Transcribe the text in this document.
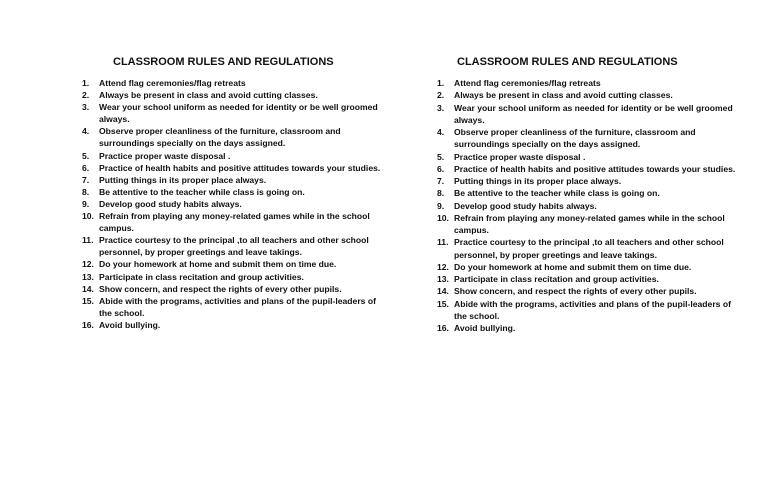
CLASSROOM RULES AND REGULATIONS
1. Attend flag ceremonies/flag retreats
2. Always be present in class and avoid cutting classes.
3. Wear your school uniform as needed for identity or be well groomed always.
4. Observe proper cleanliness of the furniture, classroom and surroundings specially on the days assigned.
5. Practice proper waste disposal .
6. Practice of health habits and positive attitudes towards your studies.
7. Putting things in its proper place always.
8. Be attentive to the teacher while class is going on.
9. Develop good study habits always.
10. Refrain from playing any money-related games while in the school campus.
11. Practice courtesy to the principal ,to all teachers and other school personnel, by proper greetings and leave takings.
12. Do your homework at home and submit them on time due.
13. Participate in class recitation and group activities.
14. Show concern, and respect the rights of every other pupils.
15. Abide with the programs, activities and plans of the pupil-leaders of the school.
16. Avoid bullying.
CLASSROOM RULES AND REGULATIONS
1. Attend flag ceremonies/flag retreats
2. Always be present in class and avoid cutting classes.
3. Wear your school uniform as needed for identity or be well groomed always.
4. Observe proper cleanliness of the furniture, classroom and surroundings specially on the days assigned.
5. Practice proper waste disposal .
6. Practice of health habits and positive attitudes towards your studies.
7. Putting things in its proper place always.
8. Be attentive to the teacher while class is going on.
9. Develop good study habits always.
10. Refrain from playing any money-related games while in the school campus.
11. Practice courtesy to the principal ,to all teachers and other school personnel, by proper greetings and leave takings.
12. Do your homework at home and submit them on time due.
13. Participate in class recitation and group activities.
14. Show concern, and respect the rights of every other pupils.
15. Abide with the programs, activities and plans of the pupil-leaders of the school.
16. Avoid bullying.
